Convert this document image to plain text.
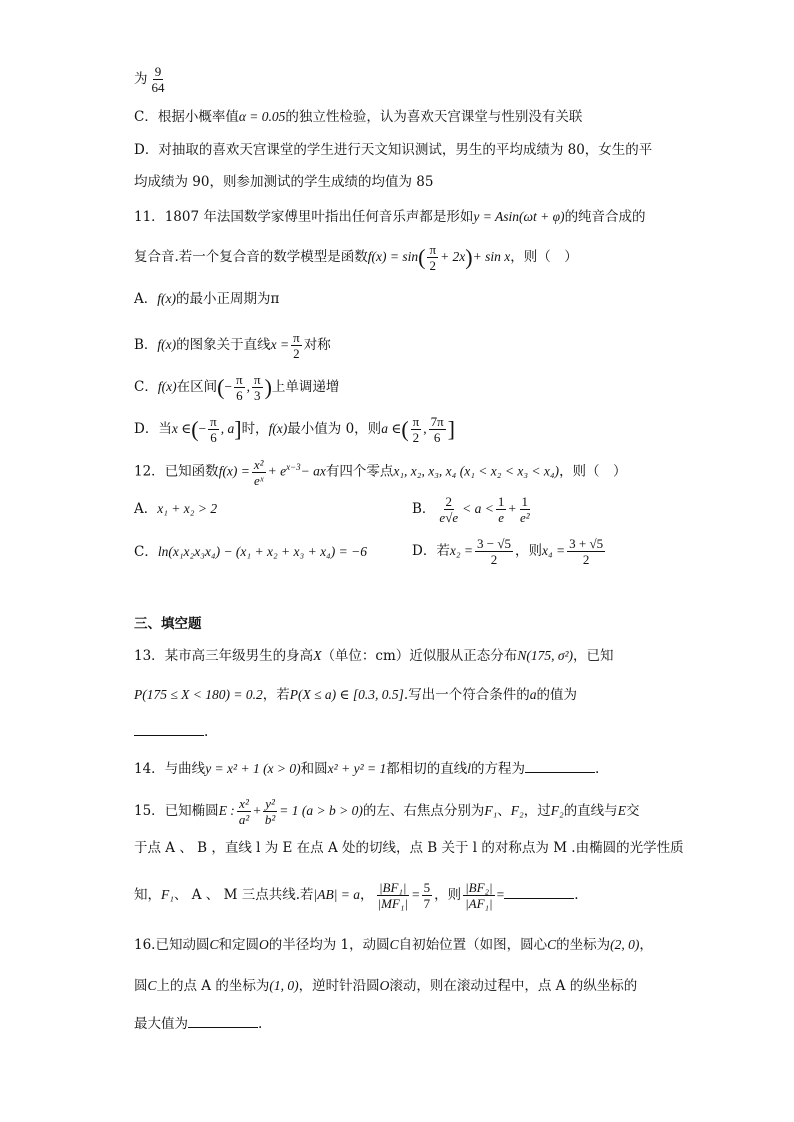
为 $\frac{9}{64}$
C．根据小概率值α = 0.05的独立性检验，认为喜欢天宫课堂与性别没有关联
D．对抽取的喜欢天宫课堂的学生进行天文知识测试，男生的平均成绩为 80，女生的平
均成绩为 90，则参加测试的学生成绩的均值为 85
11．1807 年法国数学家傅里叶指出任何音乐声都是形如y = Asin(ωt + φ)的纯音合成的
复合音.若一个复合音的数学模型是函数$f(x) = \sin( \frac{\pi}{2} + 2x)+ \sin x$，则（　）
A．f(x)的最小正周期为π
B．f(x)的图象关于直线$x = \frac{\pi}{2}$ 对称
C．f(x)在区间(− $\frac{\pi}{6}$ , $\frac{\pi}{3}$ )上单调递增
D．当x ∈(− $\frac{\pi}{6}$ , a]时，f(x)最小值为 0，则a ∈( $\frac{\pi}{2}$ , $\frac{7\pi}{6}$ ]
12．已知函数$f(x) = \frac{\text{x²}}{\text{eˣ}} + e^{x-3}-$ ax有四个零点x₁, x₂, x₃, x₄ (x₁ < x₂ < x₃ < x₄)，则（　）
A．x₁ + x₂ > 2	B． $\frac{2}{e√e} < a < \frac{1}{e} + \frac{1}{\text{e²}}$
C．ln(x₁x₂x₃x₄) − (x₁ + x₂ + x₃ + x₄) = −6	D．若$x_2 = \frac{3 - √5}{2}$ ，则$x_4 = \frac{3 + √5}{2}$
三、填空题
13．某市高三年级男生的身高X（单位：cm）近似服从正态分布N(175, σ²)，已知
P(175 ≤ X < 180) = 0.2，若P(X ≤ a) ∈ [0.3, 0.5].写出一个符合条件的a的值为
.
14．与曲线y = x² + 1 (x > 0)和圆x² + y² = 1都相切的直线l的方程为	.
15．已知椭圆E : $\frac{\text{x²}}{\text{a²}} + \frac{\text{y²}}{\text{b²}} = 1$ (a > b > 0)的左、右焦点分别为F₁、F₂，过F₂的直线与E交
于点 A 、 B ，直线 l 为 E 在点 A 处的切线，点 B 关于 l 的对称点为 M .由椭圆的光学性质
知，F₁、 A 、 M 三点共线.若|AB| = a， $\frac{\text{|BF₁|}}{\text{|MF₁|}} = \frac{5}{7}$ ，则 $\frac{\text{|BF₂|}}{\text{|AF₁|}}$ =	.
16.已知动圆C和定圆O的半径均为 1，动圆C自初始位置（如图，圆心C的坐标为(2, 0)，
圆C上的点 A 的坐标为(1, 0)，逆时针沿圆O滚动，则在滚动过程中，点 A 的纵坐标的
最大值为	.
